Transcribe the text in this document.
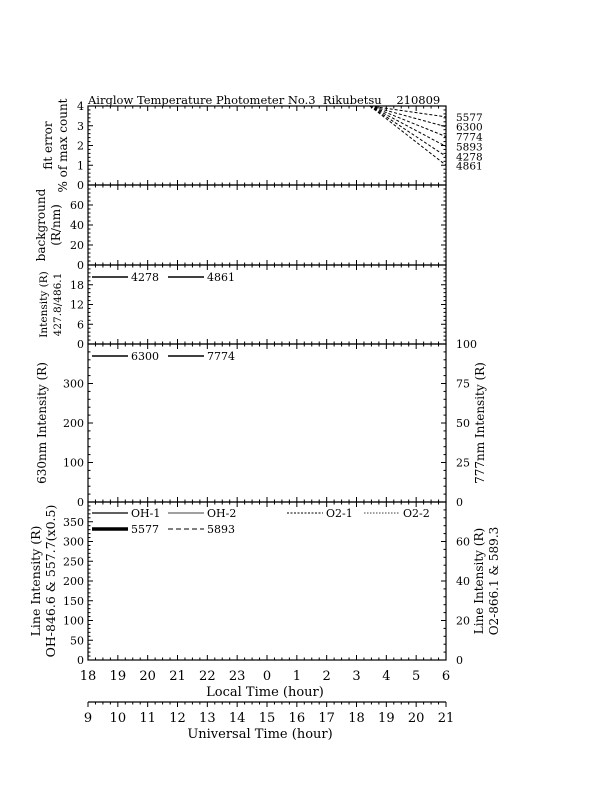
Airglow Temperature Photometer No.3  Rikubetsu    210809
0
1
2
3
4
fit error % of max count	5577
6300
7774
5893
4278
4861
0
20
40
60
background (R/nm)
0
6
12
18
Intensity (R) 427.8/486.1	4278	4861
0
100
200
300
630nm Intensity (R)
0
25
50
75
100
777nm Intensity (R)
6300	7774
0
50
100
150
200
250
300
350
Line Intensity (R) OH-846.6 & 557.7(x0.5)
0
20
40
60 Line Intensity (R) O2-866.1 & 589.3
OH-1	OH-2	O2-1	O2-2
5577	5893
18 19 20 21 22 23 0 1 2 3 4 5 6
Local Time (hour)
9 10 11 12 13 14 15 16 17 18 19 20 21
Universal Time (hour)
